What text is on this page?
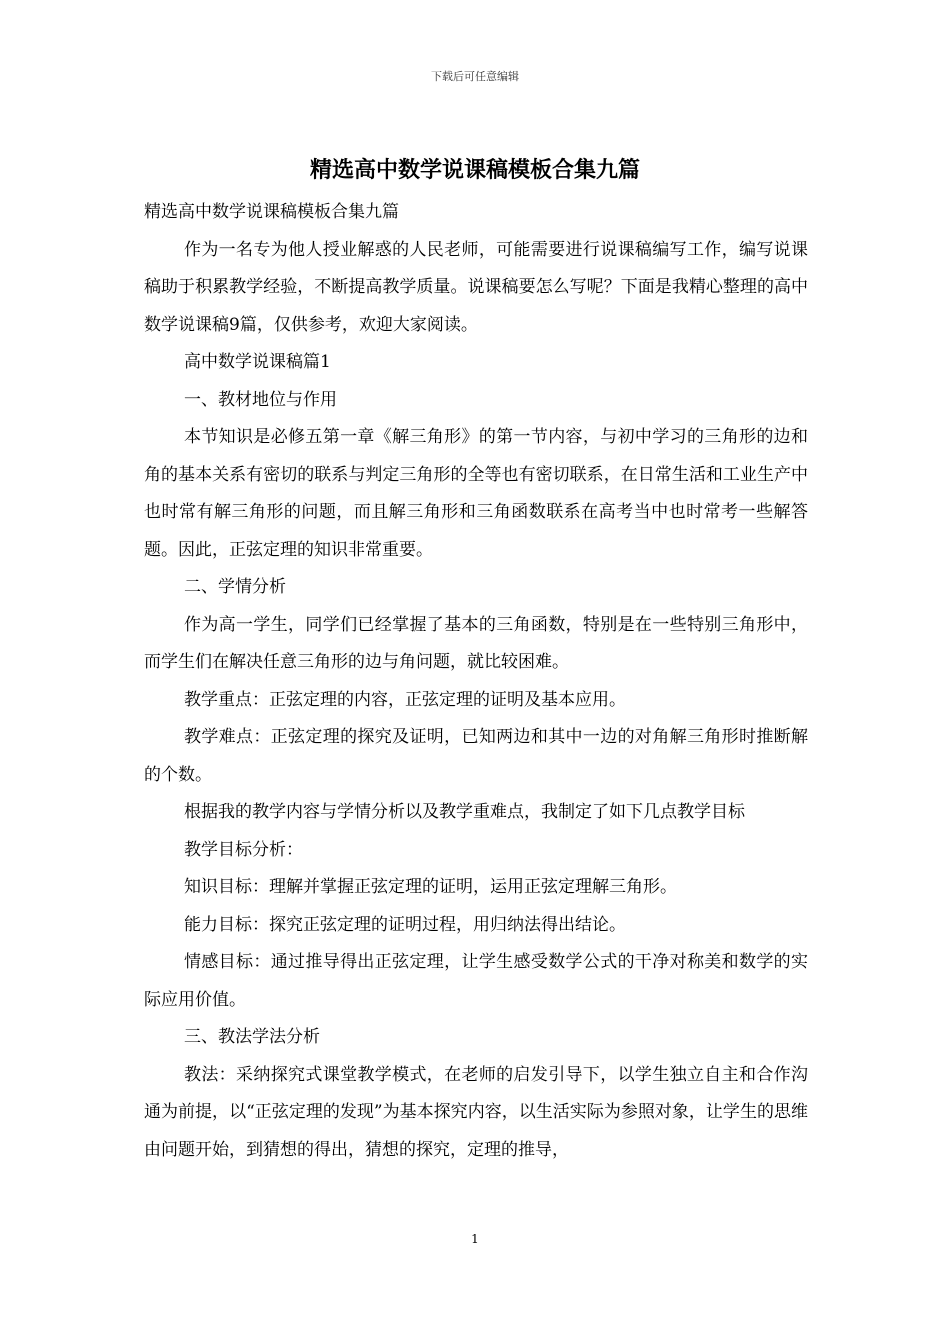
下载后可任意编辑
精选高中数学说课稿模板合集九篇

精选高中数学说课稿模板合集九篇

作为一名专为他人授业解惑的人民老师，可能需要进行说课稿编写工作，编写说课稿助于积累教学经验，不断提高教学质量。说课稿要怎么写呢？下面是我精心整理的高中数学说课稿9篇，仅供参考，欢迎大家阅读。

高中数学说课稿篇1

一、教材地位与作用

本节知识是必修五第一章《解三角形》的第一节内容，与初中学习的三角形的边和角的基本关系有密切的联系与判定三角形的全等也有密切联系，在日常生活和工业生产中也时常有解三角形的问题，而且解三角形和三角函数联系在高考当中也时常考一些解答题。因此，正弦定理的知识非常重要。

二、学情分析

作为高一学生，同学们已经掌握了基本的三角函数，特别是在一些特别三角形中，而学生们在解决任意三角形的边与角问题，就比较困难。

教学重点：正弦定理的内容，正弦定理的证明及基本应用。

教学难点：正弦定理的探究及证明，已知两边和其中一边的对角解三角形时推断解的个数。

根据我的教学内容与学情分析以及教学重难点，我制定了如下几点教学目标

教学目标分析：

知识目标：理解并掌握正弦定理的证明，运用正弦定理解三角形。

能力目标：探究正弦定理的证明过程，用归纳法得出结论。

情感目标：通过推导得出正弦定理，让学生感受数学公式的干净对称美和数学的实际应用价值。

三、教法学法分析

教法：采纳探究式课堂教学模式，在老师的启发引导下，以学生独立自主和合作沟通为前提，以“正弦定理的发现”为基本探究内容，以生活实际为参照对象，让学生的思维由问题开始，到猜想的得出，猜想的探究，定理的推导，

1
